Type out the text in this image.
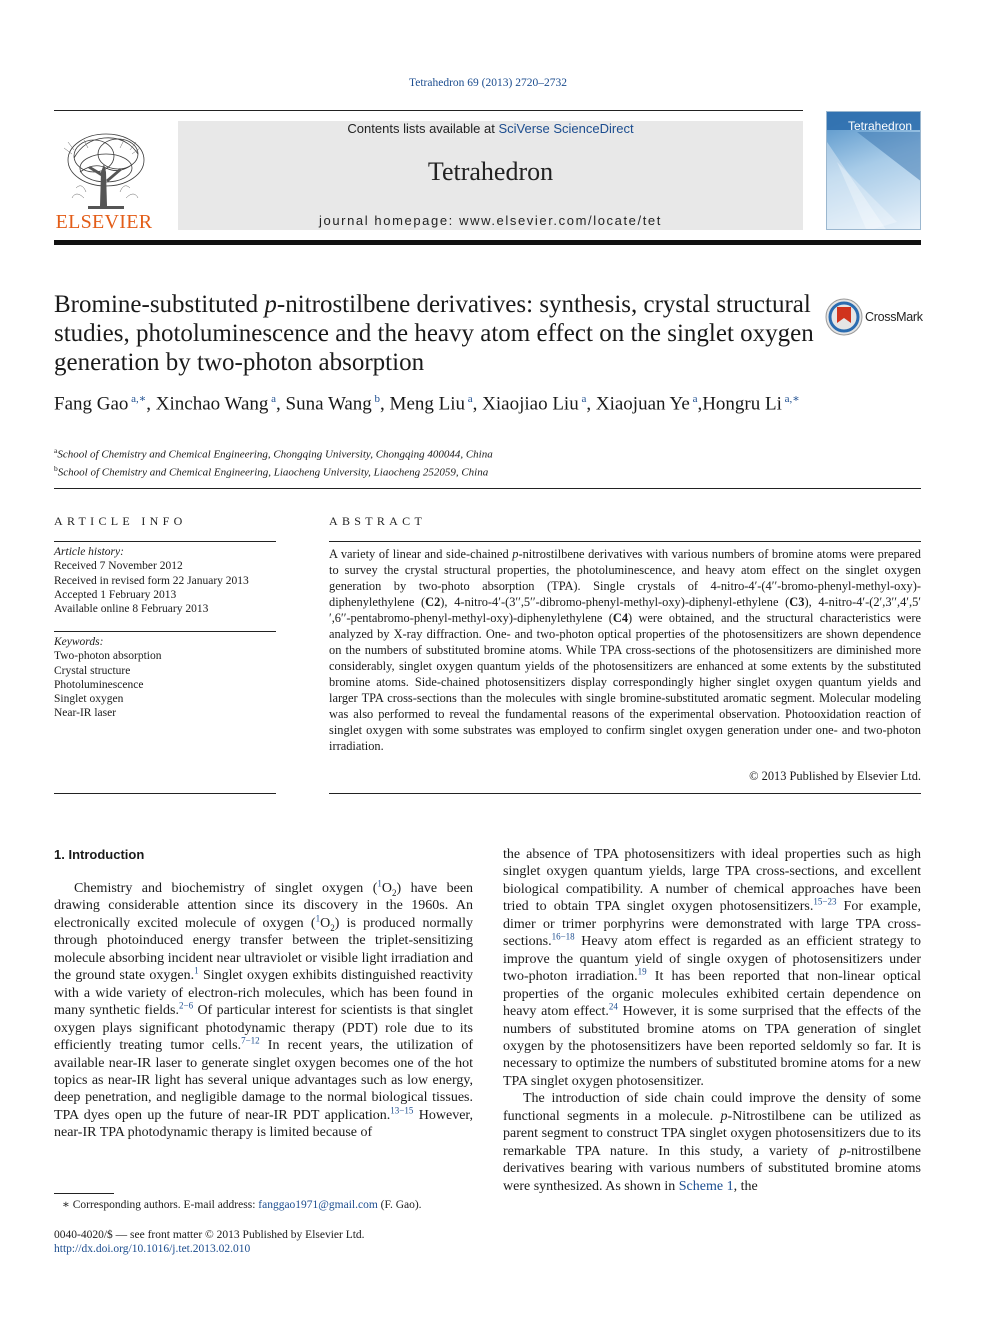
Tetrahedron 69 (2013) 2720–2732
ELSEVIER
Contents lists available at SciVerse ScienceDirect
Tetrahedron
journal homepage: www.elsevier.com/locate/tet
Tetrahedron
Bromine-substituted p-nitrostilbene derivatives: synthesis, crystal structural studies, photoluminescence and the heavy atom effect on the singlet oxygen generation by two-photon absorption
CrossMark
Fang Gao $^{a,∗}$, Xinchao Wang $^a$, Suna Wang $^b$, Meng Liu $^a$, Xiaojiao Liu $^a$, Xiaojuan Ye $^a$,Hongru Li $^{a,∗}$
$^a$School of Chemistry and Chemical Engineering, Chongqing University, Chongqing 400044, China
$^b$School of Chemistry and Chemical Engineering, Liaocheng University, Liaocheng 252059, China
ARTICLE INFO
Article history:
Received 7 November 2012
Received in revised form 22 January 2013
Accepted 1 February 2013
Available online 8 February 2013
Keywords:
Two-photon absorption
Crystal structure
Photoluminescence
Singlet oxygen
Near-IR laser
ABSTRACT
A variety of linear and side-chained p-nitrostilbene derivatives with various numbers of bromine atoms were prepared to survey the crystal structural properties, the photoluminescence, and heavy atom effect on the singlet oxygen generation by two-photo absorption (TPA). Single crystals of 4-nitro-4′-(4′′-bromo-phenyl-methyl-oxy)-diphenylethylene (C2), 4-nitro-4′-(3′′,5′′-dibromo-phenyl-methyl-oxy)-diphenyl-ethylene (C3), 4-nitro-4′-(2′,3′′,4′,5′′,6′′-pentabromo-phenyl-methyl-oxy)-diphenylethylene (C4) were obtained, and the structural characteristics were analyzed by X-ray diffraction. One- and two-photon optical properties of the photosensitizers are shown dependence on the numbers of substituted bromine atoms. While TPA cross-sections of the photosensitizers are diminished more considerably, singlet oxygen quantum yields of the photosensitizers are enhanced at some extents by the substituted bromine atoms. Side-chained photosensitizers display correspondingly higher singlet oxygen quantum yields and larger TPA cross-sections than the molecules with single bromine-substituted aromatic segment. Molecular modeling was also performed to reveal the fundamental reasons of the experimental observation. Photooxidation reaction of singlet oxygen with some substrates was employed to confirm singlet oxygen generation under one- and two-photon irradiation.
© 2013 Published by Elsevier Ltd.
1. Introduction

Chemistry and biochemistry of singlet oxygen $(^1O_2)$ have been drawing considerable attention since its discovery in the 1960s. An electronically excited molecule of oxygen $(^1O_2)$ is produced normally through photoinduced energy transfer between the triplet-sensitizing molecule absorbing incident near ultraviolet or visible light irradiation and the ground state oxygen.$^1$ Singlet oxygen exhibits distinguished reactivity with a wide variety of electron-rich molecules, which has been found in many synthetic fields.$^{2-6}$ Of particular interest for scientists is that singlet oxygen plays significant photodynamic therapy (PDT) role due to its efficiently treating tumor cells.$^{7-12}$ In recent years, the utilization of available near-IR laser to generate singlet oxygen becomes one of the hot topics as near-IR light has several unique advantages such as low energy, deep penetration, and negligible damage to the normal biological tissues. TPA dyes open up the future of near-IR PDT application.$^{13-15}$ However, near-IR TPA photodynamic therapy is limited because of

the absence of TPA photosensitizers with ideal properties such as high singlet oxygen quantum yields, large TPA cross-sections, and excellent biological compatibility. A number of chemical approaches have been tried to obtain TPA singlet oxygen photosensitizers.$^{15-23}$ For example, dimer or trimer porphyrins were demonstrated with large TPA cross-sections.$^{16-18}$ Heavy atom effect is regarded as an efficient strategy to improve the quantum yield of single oxygen of photosensitizers under two-photon irradiation.$^{19}$ It has been reported that non-linear optical properties of the organic molecules exhibited certain dependence on heavy atom effect.$^{24}$ However, it is some surprised that the effects of the numbers of substituted bromine atoms on TPA generation of singlet oxygen by the photosensitizers have been reported seldomly so far. It is necessary to optimize the numbers of substituted bromine atoms for a new TPA singlet oxygen photosensitizer.

The introduction of side chain could improve the density of some functional segments in a molecule. p-Nitrostilbene can be utilized as parent segment to construct TPA singlet oxygen photosensitizers due to its remarkable TPA nature. In this study, a variety of p-nitrostilbene derivatives bearing with various numbers of substituted bromine atoms were synthesized. As shown in Scheme 1, the

∗ Corresponding authors. E-mail address: fanggao1971@gmail.com (F. Gao).
0040-4020/$ — see front matter © 2013 Published by Elsevier Ltd.
http://dx.doi.org/10.1016/j.tet.2013.02.010
